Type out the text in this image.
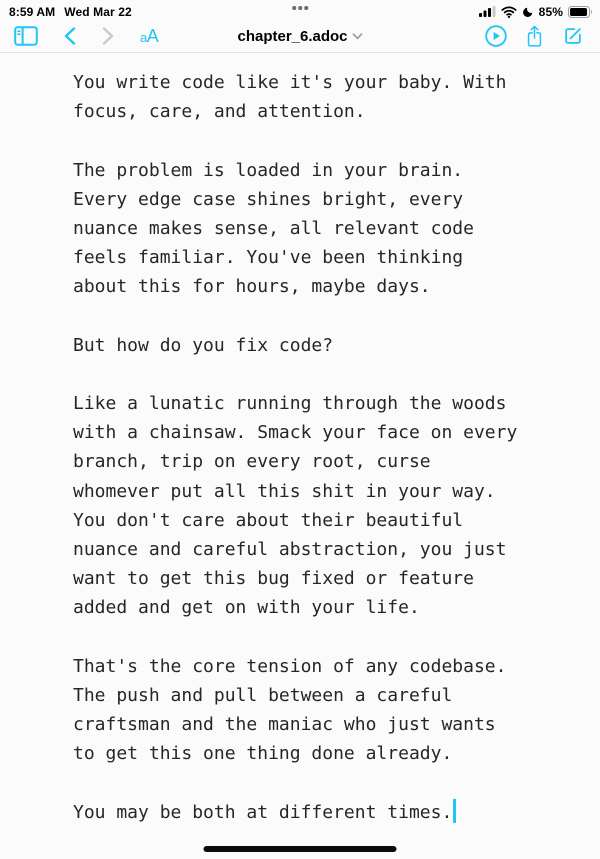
8:59 AM Wed Mar 22	85%
aA	chapter_6.adoc
You write code like it's your baby. With
focus, care, and attention.

The problem is loaded in your brain.
Every edge case shines bright, every
nuance makes sense, all relevant code
feels familiar. You've been thinking
about this for hours, maybe days.

But how do you fix code?

Like a lunatic running through the woods
with a chainsaw. Smack your face on every
branch, trip on every root, curse
whomever put all this shit in your way.
You don't care about their beautiful
nuance and careful abstraction, you just
want to get this bug fixed or feature
added and get on with your life.

That's the core tension of any codebase.
The push and pull between a careful
craftsman and the maniac who just wants
to get this one thing done already.

You may be both at different times.
